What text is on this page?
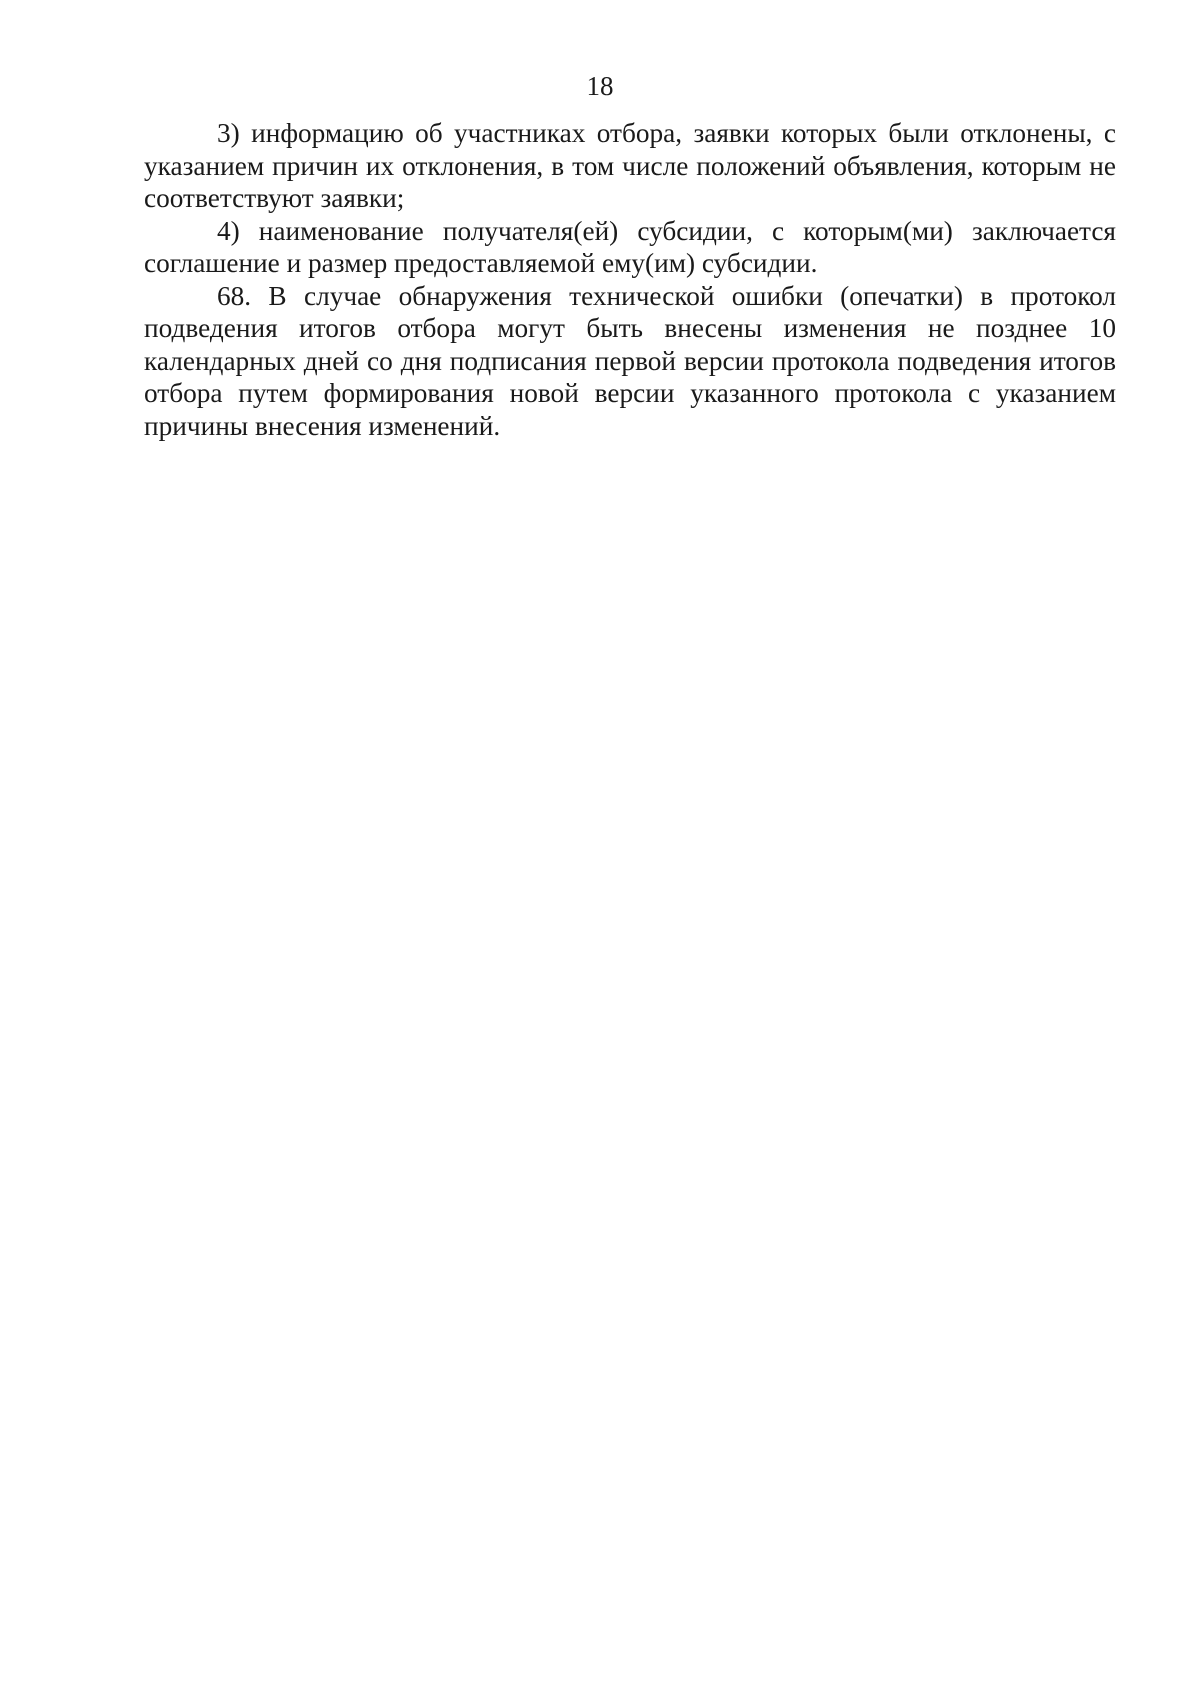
18

3) информацию об участниках отбора, заявки которых были отклонены, с указанием причин их отклонения, в том числе положений объявления, которым не соответствуют заявки;

4) наименование получателя(ей) субсидии, с которым(ми) заключается соглашение и размер предоставляемой ему(им) субсидии.

68. В случае обнаружения технической ошибки (опечатки) в протокол подведения итогов отбора могут быть внесены изменения не позднее 10 календарных дней со дня подписания первой версии протокола подведения итогов отбора путем формирования новой версии указанного протокола с указанием причины внесения изменений.
